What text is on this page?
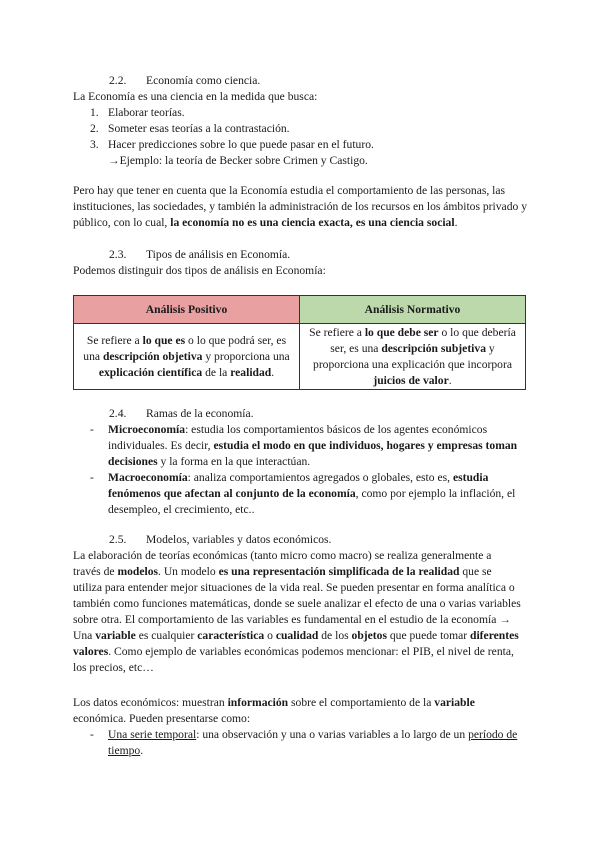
2.2. Economía como ciencia.
La Economía es una ciencia en la medida que busca:
1. Elaborar teorías.
2. Someter esas teorías a la contrastación.
3. Hacer predicciones sobre lo que puede pasar en el futuro.
→Ejemplo: la teoría de Becker sobre Crimen y Castigo.
Pero hay que tener en cuenta que la Economía estudia el comportamiento de las personas, las instituciones, las sociedades, y también la administración de los recursos en los ámbitos privado y público, con lo cual, la economía no es una ciencia exacta, es una ciencia social.
2.3. Tipos de análisis en Economía.
Podemos distinguir dos tipos de análisis en Economía:
Análisis Positivo	Análisis Normativo
Se refiere a lo que es o lo que podrá ser, es una descripción objetiva y proporciona una explicación científica de la realidad.	Se refiere a lo que debe ser o lo que debería ser, es una descripción subjetiva y proporciona una explicación que incorpora juicios de valor.
2.4. Ramas de la economía.
- Microeconomía: estudia los comportamientos básicos de los agentes económicos individuales. Es decir, estudia el modo en que individuos, hogares y empresas toman decisiones y la forma en la que interactúan.
- Macroeconomía: analiza comportamientos agregados o globales, esto es, estudia fenómenos que afectan al conjunto de la economía, como por ejemplo la inflación, el desempleo, el crecimiento, etc..
2.5. Modelos, variables y datos económicos.
La elaboración de teorías económicas (tanto micro como macro) se realiza generalmente a través de modelos. Un modelo es una representación simplificada de la realidad que se utiliza para entender mejor situaciones de la vida real. Se pueden presentar en forma analítica o también como funciones matemáticas, donde se suele analizar el efecto de una o varias variables sobre otra. El comportamiento de las variables es fundamental en el estudio de la economía → Una variable es cualquier característica o cualidad de los objetos que puede tomar diferentes valores. Como ejemplo de variables económicas podemos mencionar: el PIB, el nivel de renta, los precios, etc…
Los datos económicos: muestran información sobre el comportamiento de la variable económica. Pueden presentarse como:
- Una serie temporal: una observación y una o varias variables a lo largo de un período de tiempo.
